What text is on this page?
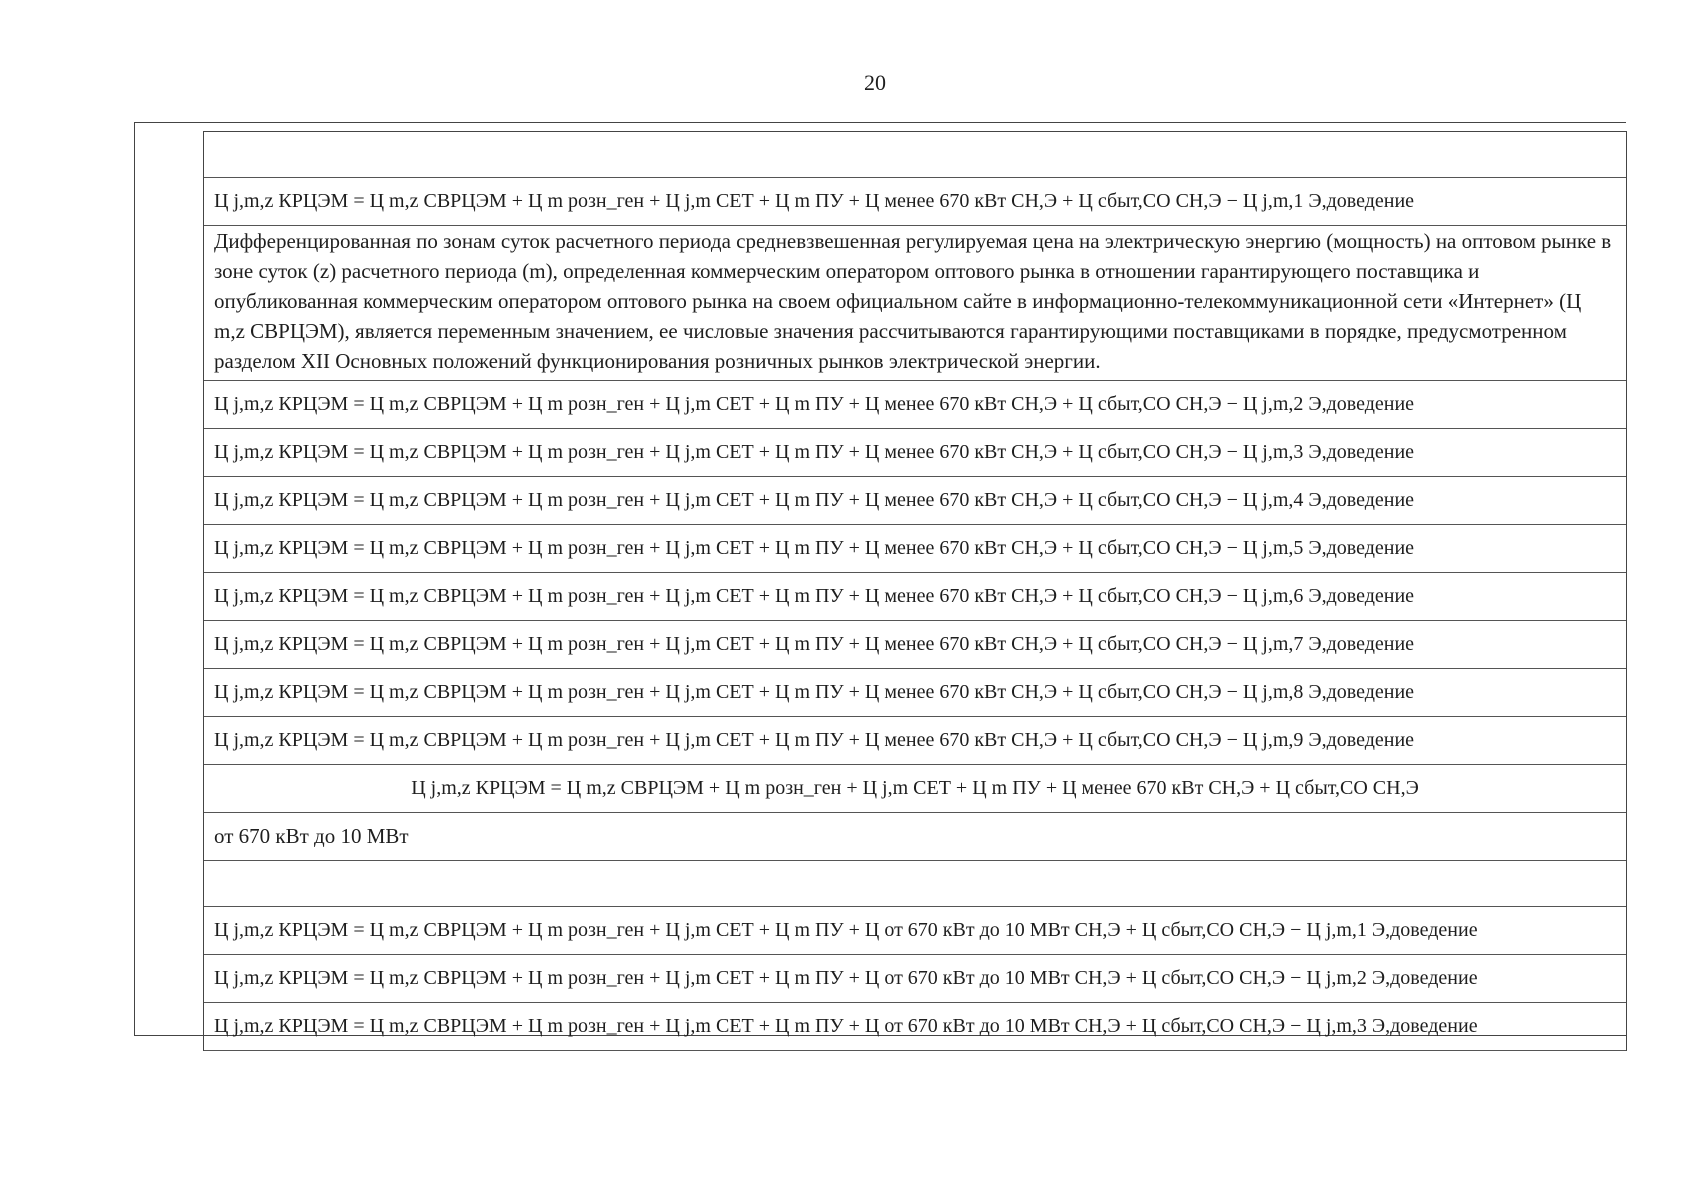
20
Ц j,m,z КРЦЭМ = Ц m,z СВРЦЭМ + Ц m розн_ген + Ц j,m СЕТ + Ц m ПУ + Ц менее 670 кВт СН,Э + Ц сбыт,СО СН,Э − Ц j,m,1 Э,доведение
Дифференцированная по зонам суток расчетного периода средневзвешенная регулируемая цена на электрическую энергию (мощность) на оптовом рынке в зоне суток (z) расчетного периода (m), определенная коммерческим оператором оптового рынка в отношении гарантирующего поставщика и опубликованная коммерческим оператором оптового рынка на своем официальном сайте в информационно-телекоммуникационной сети «Интернет» (Ц m,z СВРЦЭМ), является переменным значением, ее числовые значения рассчитываются гарантирующими поставщиками в порядке, предусмотренном разделом XII Основных положений функционирования розничных рынков электрической энергии.
Ц j,m,z КРЦЭМ = Ц m,z СВРЦЭМ + Ц m розн_ген + Ц j,m СЕТ + Ц m ПУ + Ц менее 670 кВт СН,Э + Ц сбыт,СО СН,Э − Ц j,m,2 Э,доведение
Ц j,m,z КРЦЭМ = Ц m,z СВРЦЭМ + Ц m розн_ген + Ц j,m СЕТ + Ц m ПУ + Ц менее 670 кВт СН,Э + Ц сбыт,СО СН,Э − Ц j,m,3 Э,доведение
Ц j,m,z КРЦЭМ = Ц m,z СВРЦЭМ + Ц m розн_ген + Ц j,m СЕТ + Ц m ПУ + Ц менее 670 кВт СН,Э + Ц сбыт,СО СН,Э − Ц j,m,4 Э,доведение
Ц j,m,z КРЦЭМ = Ц m,z СВРЦЭМ + Ц m розн_ген + Ц j,m СЕТ + Ц m ПУ + Ц менее 670 кВт СН,Э + Ц сбыт,СО СН,Э − Ц j,m,5 Э,доведение
Ц j,m,z КРЦЭМ = Ц m,z СВРЦЭМ + Ц m розн_ген + Ц j,m СЕТ + Ц m ПУ + Ц менее 670 кВт СН,Э + Ц сбыт,СО СН,Э − Ц j,m,6 Э,доведение
Ц j,m,z КРЦЭМ = Ц m,z СВРЦЭМ + Ц m розн_ген + Ц j,m СЕТ + Ц m ПУ + Ц менее 670 кВт СН,Э + Ц сбыт,СО СН,Э − Ц j,m,7 Э,доведение
Ц j,m,z КРЦЭМ = Ц m,z СВРЦЭМ + Ц m розн_ген + Ц j,m СЕТ + Ц m ПУ + Ц менее 670 кВт СН,Э + Ц сбыт,СО СН,Э − Ц j,m,8 Э,доведение
Ц j,m,z КРЦЭМ = Ц m,z СВРЦЭМ + Ц m розн_ген + Ц j,m СЕТ + Ц m ПУ + Ц менее 670 кВт СН,Э + Ц сбыт,СО СН,Э − Ц j,m,9 Э,доведение
Ц j,m,z КРЦЭМ = Ц m,z СВРЦЭМ + Ц m розн_ген + Ц j,m СЕТ + Ц m ПУ + Ц менее 670 кВт СН,Э + Ц сбыт,СО СН,Э
от 670 кВт до 10 МВт
Ц j,m,z КРЦЭМ = Ц m,z СВРЦЭМ + Ц m розн_ген + Ц j,m СЕТ + Ц m ПУ + Ц от 670 кВт до 10 МВт СН,Э + Ц сбыт,СО СН,Э − Ц j,m,1 Э,доведение
Ц j,m,z КРЦЭМ = Ц m,z СВРЦЭМ + Ц m розн_ген + Ц j,m СЕТ + Ц m ПУ + Ц от 670 кВт до 10 МВт СН,Э + Ц сбыт,СО СН,Э − Ц j,m,2 Э,доведение
Ц j,m,z КРЦЭМ = Ц m,z СВРЦЭМ + Ц m розн_ген + Ц j,m СЕТ + Ц m ПУ + Ц от 670 кВт до 10 МВт СН,Э + Ц сбыт,СО СН,Э − Ц j,m,3 Э,доведение
